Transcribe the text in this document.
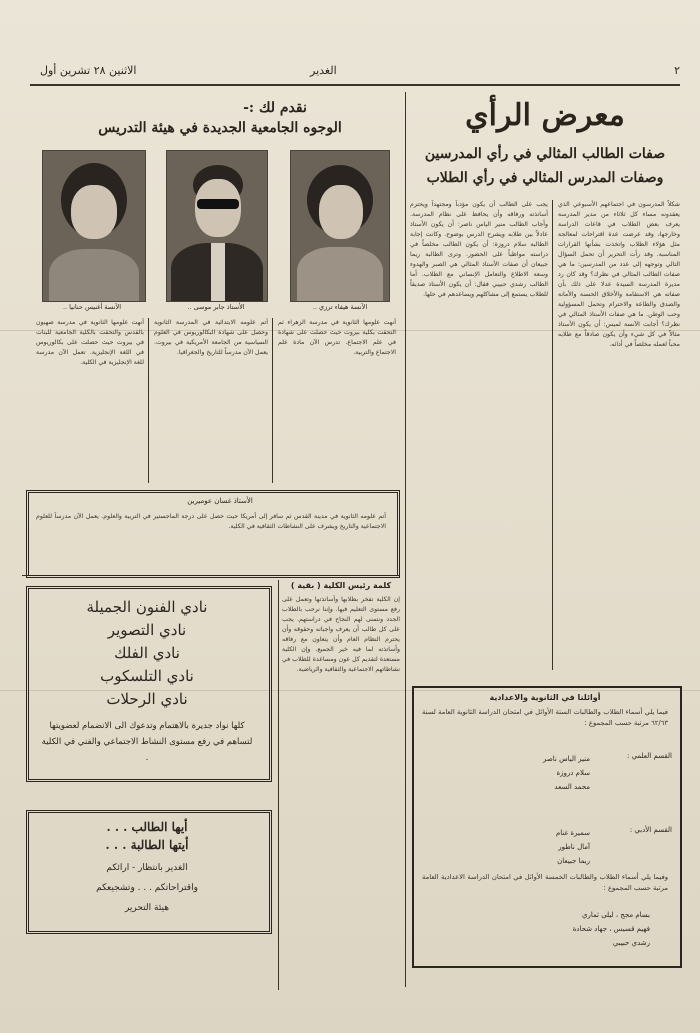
٢
الغدير
الاثنين ٢٨ تشرين أول
معرض الرأي
صفات الطالب المثالي في رأي المدرسين
وصفات المدرس المثالي في رأي الطلاب
شكلاً المدرسون في اجتماعهم الأسبوعي الذي يعقدونه مساء كل ثلاثاء من مدير المدرسة يعرف بعض الطلاب في قاعات الدراسة وخارجها، وقد عرضت عدة اقتراحات لمعالجة مثل هؤلاء الطلاب واتخذت بشأنها القرارات المناسبة. وقد رأت التحرير أن تحمل السؤال التالي وتوجهه إلى عدد من المدرسين: ما هي صفات الطالب المثالي في نظرك؟ وقد كان رد مديرة المدرسة السيدة عدلا على ذلك بأن صفاته هي الاستقامة والأخلاق الحسنة والأمانة والصدق والطاعة والاحترام وتحمل المسؤولية وحب الوطن. ما هي صفات الأستاذ المثالي في نظرك؟ أجابت الآنسة لميس: أن يكون الأستاذ مثالاً في كل شيء وأن يكون صادقاً مع طلابه محباً لعمله مخلصاً في أدائه.
يجب على الطالب أن يكون مؤدباً ومجتهداً ويحترم أساتذته ورفاقه وأن يحافظ على نظام المدرسة. وأجاب الطالب منير الياس ناصر: أن يكون الأستاذ عادلاً بين طلابه ويشرح الدرس بوضوح. وكانت إجابة الطالبة سلام دروزة: أن يكون الطالب مخلصاً في دراسته مواظباً على الحضور. وترى الطالبة ريما جبيعان أن صفات الأستاذ المثالي هي الصبر والهدوء وسعة الاطلاع والتعامل الإنساني مع الطلاب. أما الطالب رشدي حبيبي فقال: أن يكون الأستاذ صديقاً للطلاب يستمع إلى مشاكلهم ويساعدهم في حلها.
نقدم لك :-
الوجوه الجامعية الجديدة في هيئة التدريس
الآنسة أغنيس حنانيا ..	الأستاذ جابر موسى ..	الآنسة هيفاء ترزي ..
أنهت علومها الثانوية في مدرسة صهيون بالقدس والتحقت بالكلية الجامعية للبنات في بيروت حيث حصلت على بكالوريوس في اللغة الإنجليزية. تعمل الآن مدرسة للغة الإنجليزية في الكلية.
أتم علومه الابتدائية في المدرسة الثانوية وحصل على شهادة البكالوريوس في العلوم السياسية من الجامعة الأمريكية في بيروت. يعمل الآن مدرساً للتاريخ والجغرافيا.
أنهت علومها الثانوية في مدرسة الزهراء ثم التحقت بكلية بيروت حيث حصلت على شهادة في علم الاجتماع. تدرس الآن مادة علم الاجتماع والتربية.
الأستاذ غسان عوميرين
أتم علومه الثانوية في مدينة القدس ثم سافر إلى أمريكا حيث حصل على درجة الماجستير في التربية والعلوم. يعمل الآن مدرساً للعلوم الاجتماعية والتاريخ ويشرف على النشاطات الثقافية في الكلية.
كلمة رئيس الكلية ( بقية )
إن الكلية تفخر بطلابها وأساتذتها وتعمل على رفع مستوى التعليم فيها. وإننا نرحب بالطلاب الجدد ونتمنى لهم النجاح في دراستهم. يجب على كل طالب أن يعرف واجباته وحقوقه وأن يحترم النظام العام وأن يتعاون مع رفاقه وأساتذته لما فيه خير الجميع. وإن الكلية مستعدة لتقديم كل عون ومساعدة للطلاب في نشاطاتهم الاجتماعية والثقافية والرياضية.
نادي الفنون الجميلة
نادي التصوير
نادي الفلك
نادي التلسكوب
نادي الرحلات
كلها نواد جديرة بالاهتمام وتدعوك الى الانضمام لعضويتها لتساهم في رفع مستوى النشاط الاجتماعي والفني في الكلية .
أيها الطالب . . .
أيتها الطالبة . . .
الغدير بانتظار - ارائكم
واقتراحاتكم . . . وتشجيعكم
هيئة التحرير
أوائلنا في الثانوية والاعدادية
فيما يلي أسماء الطلاب والطالبات الستة الأوائل في امتحان الدراسة الثانوية العامة لسنة ٦٢/٦٣ مرتبة حسب المجموع :
القسم العلمي :
منير الياس ناصر
سلام دروزة
محمد السعد
القسم الأدبي :
سميرة غنام
آمال ناطور
ريما جبيعان
وفيما يلي أسماء الطلاب والطالبات الخمسة الأوائل في امتحان الدراسة الاعدادية العامة مرتبة حسب المجموع :
بسام مجج ، ليلى ثماري
فهيم قسيس ، جهاد شحادة
رشدي حبيبي
